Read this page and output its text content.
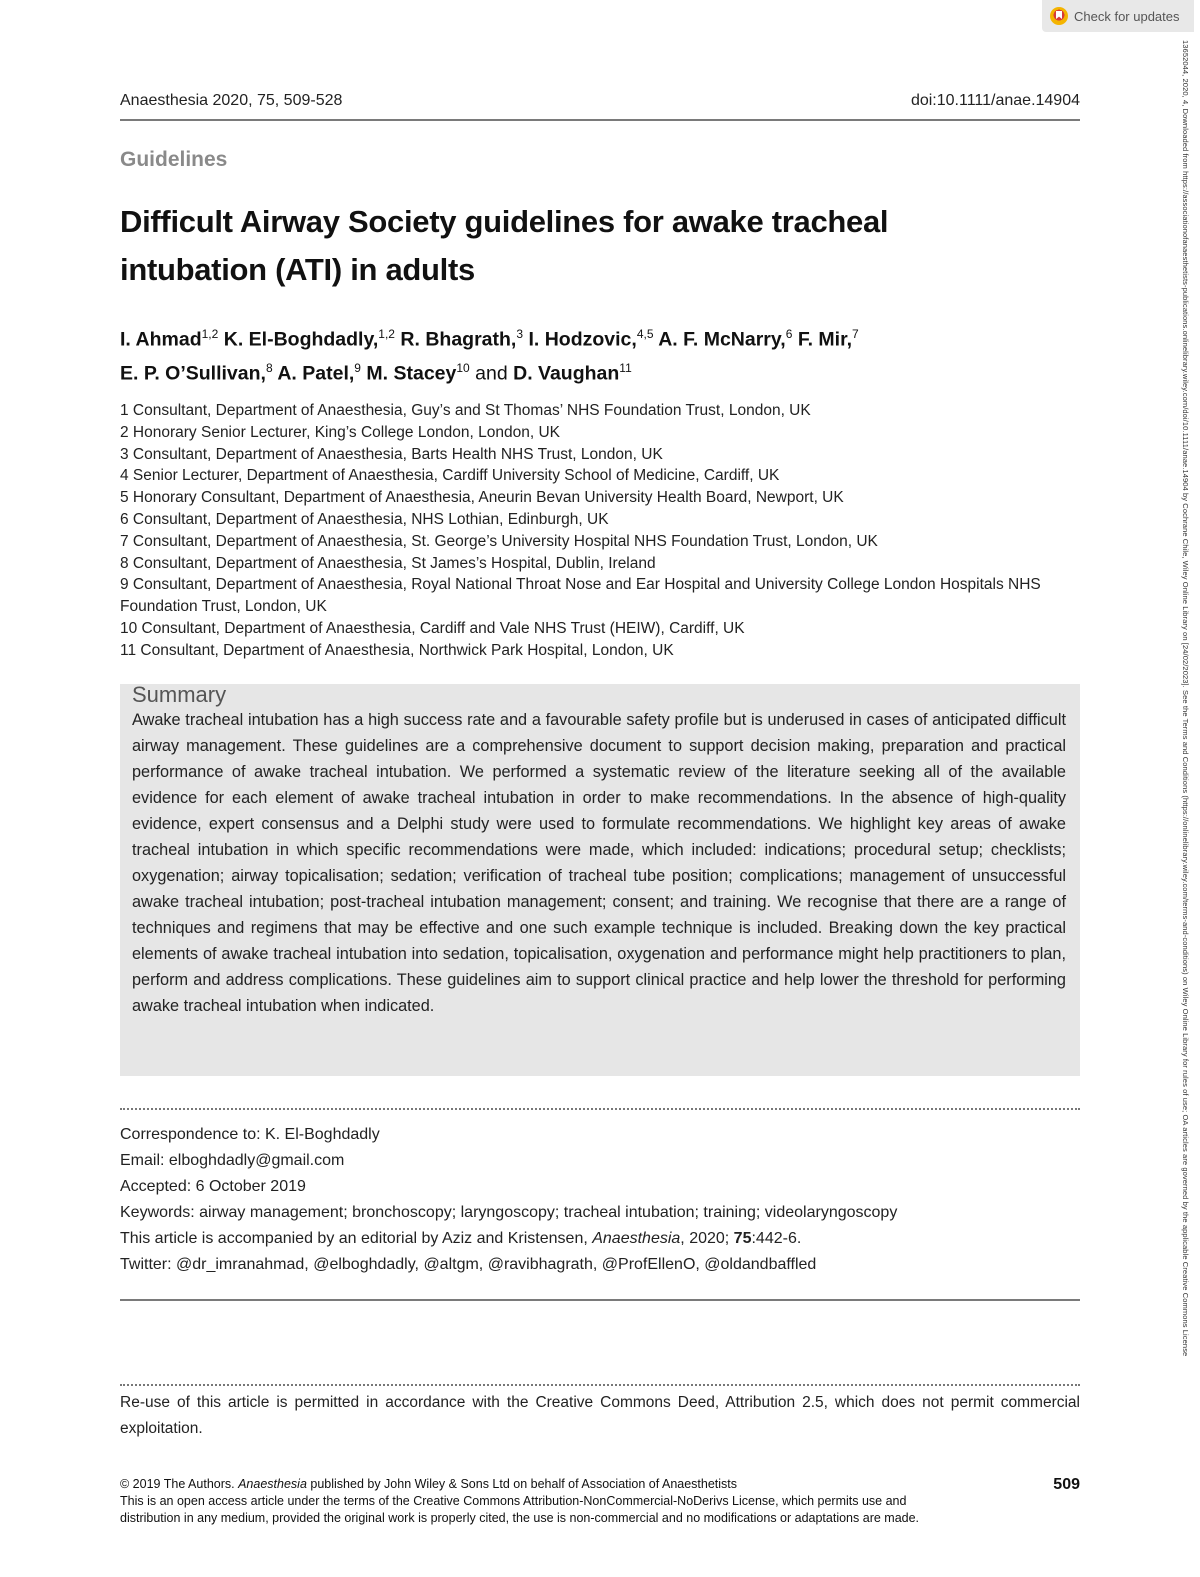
Check for updates
13652044, 2020, 4, Downloaded from https://associationofanaesthetists-publications.onlinelibrary.wiley.com/doi/10.1111/anae.14904 by Cochrane Chile, Wiley Online Library on [24/02/2023]. See the Terms and Conditions (https://onlinelibrary.wiley.com/terms-and-conditions) on Wiley Online Library for rules of use; OA articles are governed by the applicable Creative Commons License
Anaesthesia 2020, 75, 509-528	doi:10.1111/anae.14904
Guidelines
Difficult Airway Society guidelines for awake tracheal intubation (ATI) in adults
I. Ahmad$^{1,2}$ K. El-Boghdadly,$^{1,2}$ R. Bhagrath,$^3$ I. Hodzovic,$^{4,5}$ A. F. McNarry,$^6$ F. Mir,$^7$
E. P. O’Sullivan,$^8$ A. Patel,$^9$ M. Stacey$^{10}$ and D. Vaughan$^{11}$
1 Consultant, Department of Anaesthesia, Guy’s and St Thomas’ NHS Foundation Trust, London, UK
2 Honorary Senior Lecturer, King’s College London, London, UK
3 Consultant, Department of Anaesthesia, Barts Health NHS Trust, London, UK
4 Senior Lecturer, Department of Anaesthesia, Cardiff University School of Medicine, Cardiff, UK
5 Honorary Consultant, Department of Anaesthesia, Aneurin Bevan University Health Board, Newport, UK
6 Consultant, Department of Anaesthesia, NHS Lothian, Edinburgh, UK
7 Consultant, Department of Anaesthesia, St. George’s University Hospital NHS Foundation Trust, London, UK
8 Consultant, Department of Anaesthesia, St James’s Hospital, Dublin, Ireland
9 Consultant, Department of Anaesthesia, Royal National Throat Nose and Ear Hospital and University College London Hospitals NHS Foundation Trust, London, UK
10 Consultant, Department of Anaesthesia, Cardiff and Vale NHS Trust (HEIW), Cardiff, UK
11 Consultant, Department of Anaesthesia, Northwick Park Hospital, London, UK
Summary
Awake tracheal intubation has a high success rate and a favourable safety profile but is underused in cases of anticipated difficult airway management. These guidelines are a comprehensive document to support decision making, preparation and practical performance of awake tracheal intubation. We performed a systematic review of the literature seeking all of the available evidence for each element of awake tracheal intubation in order to make recommendations. In the absence of high-quality evidence, expert consensus and a Delphi study were used to formulate recommendations. We highlight key areas of awake tracheal intubation in which specific recommendations were made, which included: indications; procedural setup; checklists; oxygenation; airway topicalisation; sedation; verification of tracheal tube position; complications; management of unsuccessful awake tracheal intubation; post-tracheal intubation management; consent; and training. We recognise that there are a range of techniques and regimens that may be effective and one such example technique is included. Breaking down the key practical elements of awake tracheal intubation into sedation, topicalisation, oxygenation and performance might help practitioners to plan, perform and address complications. These guidelines aim to support clinical practice and help lower the threshold for performing awake tracheal intubation when indicated.
Correspondence to: K. El-Boghdadly
Email: elboghdadly@gmail.com
Accepted: 6 October 2019
Keywords: airway management; bronchoscopy; laryngoscopy; tracheal intubation; training; videolaryngoscopy
This article is accompanied by an editorial by Aziz and Kristensen, Anaesthesia, 2020; 75:442-6.
Twitter: @dr_imranahmad, @elboghdadly, @altgm, @ravibhagrath, @ProfEllenO, @oldandbaffled
Re-use of this article is permitted in accordance with the Creative Commons Deed, Attribution 2.5, which does not permit commercial exploitation.
© 2019 The Authors. Anaesthesia published by John Wiley & Sons Ltd on behalf of Association of Anaesthetists	509
This is an open access article under the terms of the Creative Commons Attribution-NonCommercial-NoDerivs License, which permits use and
distribution in any medium, provided the original work is properly cited, the use is non-commercial and no modifications or adaptations are made.
